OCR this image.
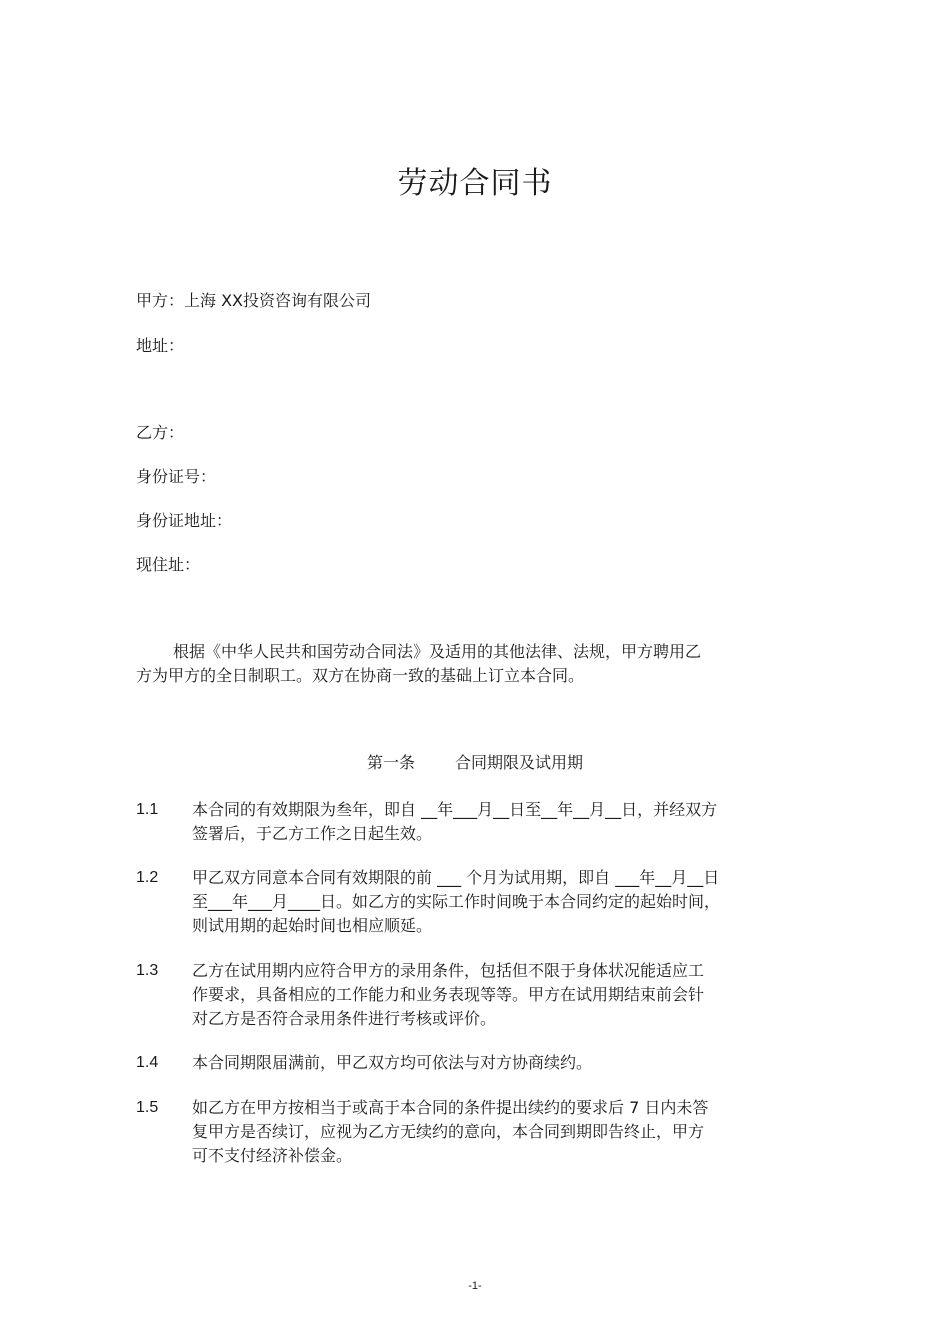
劳动合同书
甲方：上海 XX投资咨询有限公司
地址：
乙方：
身份证号：
身份证地址：
现住址：
根据《中华人民共和国劳动合同法》及适用的其他法律、法规，甲方聘用乙
方为甲方的全日制职工。双方在协商一致的基础上订立本合同。
第一条	合同期限及试用期
1.1 本合同的有效期限为叁年，即自 __年___月__日至__年__月__日，并经双方
签署后，于乙方工作之日起生效。
1.2 甲乙双方同意本合同有效期限的前 ___ 个月为试用期，即自 ___年__月__日
至___年___月____日。如乙方的实际工作时间晚于本合同约定的起始时间，
则试用期的起始时间也相应顺延。
1.3 乙方在试用期内应符合甲方的录用条件，包括但不限于身体状况能适应工
作要求，具备相应的工作能力和业务表现等等。甲方在试用期结束前会针
对乙方是否符合录用条件进行考核或评价。
1.4 本合同期限届满前，甲乙双方均可依法与对方协商续约。
1.5 如乙方在甲方按相当于或高于本合同的条件提出续约的要求后 7 日内未答
复甲方是否续订，应视为乙方无续约的意向，本合同到期即告终止，甲方
可不支付经济补偿金。
-1-
